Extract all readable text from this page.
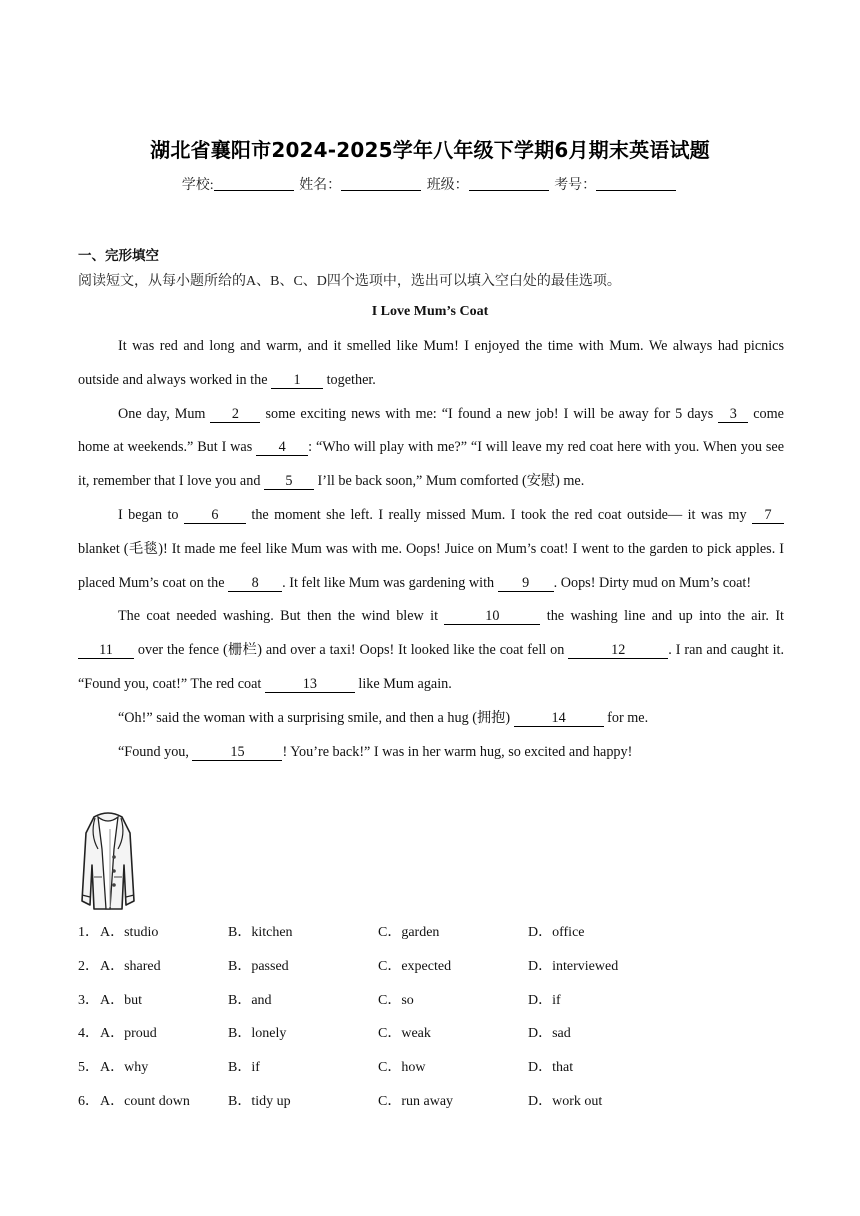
湖北省襄阳市2024-2025学年八年级下学期6月期末英语试题
学校:	姓名：	班级：	考号：
一、完形填空
阅读短文，从每小题所给的A、B、C、D四个选项中，选出可以填入空白处的最佳选项。
I Love Mum’s Coat

It was red and long and warm, and it smelled like Mum! I enjoyed the time with Mum. We always had picnics outside and always worked in the 1 together.

One day, Mum 2 some exciting news with me: “I found a new job! I will be away for 5 days 3 come home at weekends.” But I was 4 : “Who will play with me?” “I will leave my red coat here with you. When you see it, remember that I love you and 5 I’ll be back soon,” Mum comforted (安慰) me.

I began to 6 the moment she left. I really missed Mum. I took the red coat outside— it was my 7 blanket (毛毯)! It made me feel like Mum was with me. Oops! Juice on Mum’s coat! I went to the garden to pick apples. I placed Mum’s coat on the 8 . It felt like Mum was gardening with 9 . Oops! Dirty mud on Mum’s coat!

The coat needed washing. But then the wind blew it	10	the washing line and up into the air. It 11 over the fence (栅栏) and over a taxi! Oops! It looked like the coat fell on	12	. I ran and caught it. “Found you, coat!” The red coat	13	like Mum again.

“Oh!” said the woman with a surprising smile, and then a hug (拥抱)	14	for me.

“Found you,	15	! You’re back!” I was in her warm hug, so excited and happy!

1． A．studio	B．kitchen	C．garden	D．office
2． A．shared	B．passed	C．expected	D．interviewed
3． A．but	B．and	C．so	D．if
4． A．proud	B．lonely	C．weak	D．sad
5． A．why	B．if	C．how	D．that
6． A．count down	B．tidy up	C．run away	D．work out
